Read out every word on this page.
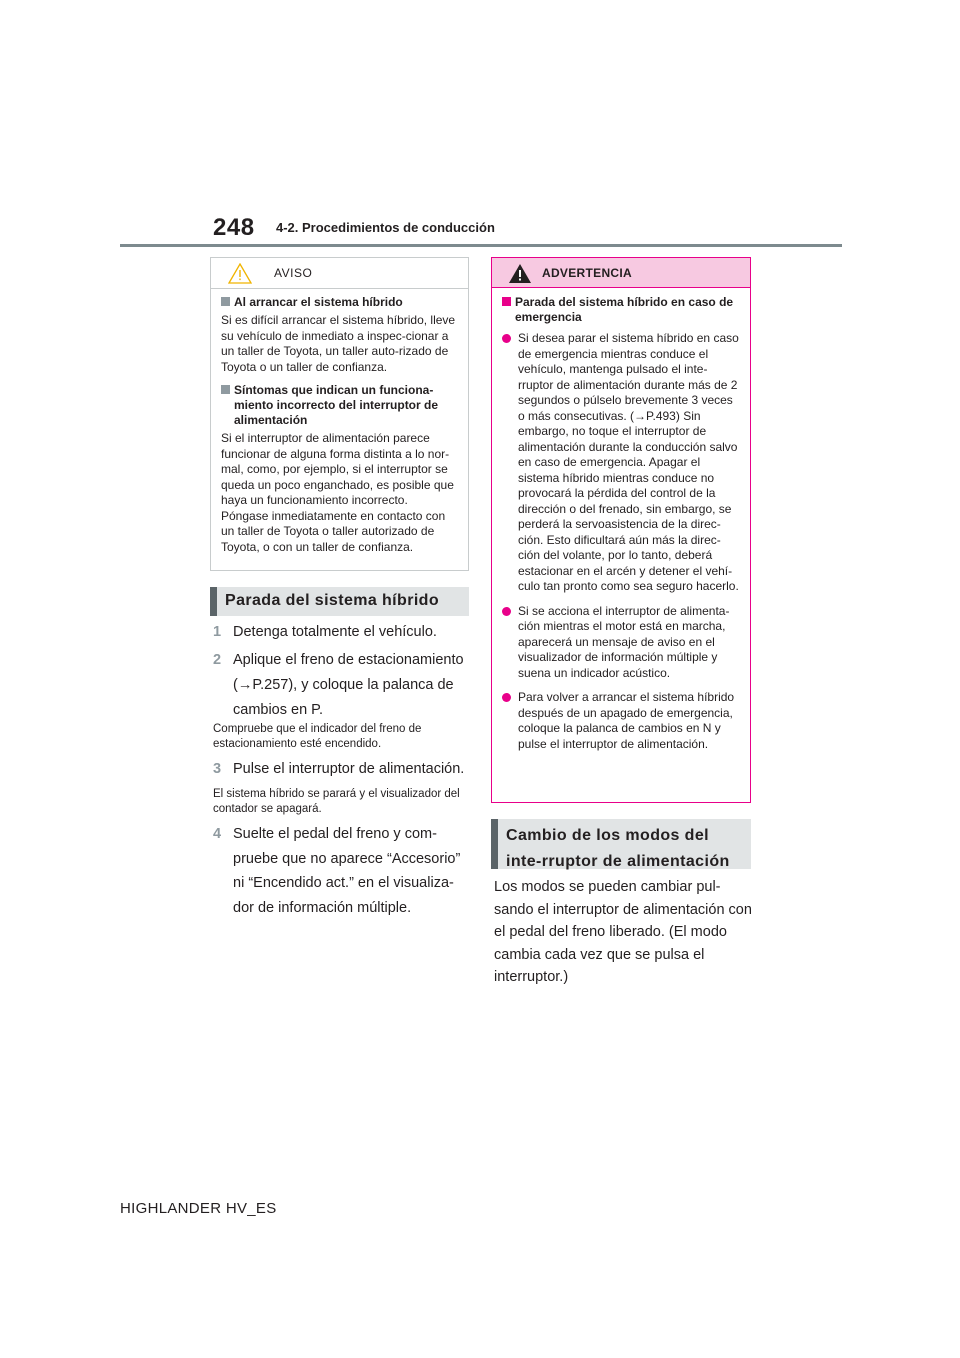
248 4-2. Procedimientos de conducción
AVISO
Al arrancar el sistema híbrido
Si es difícil arrancar el sistema híbrido, lleve su vehículo de inmediato a inspec-cionar a un taller de Toyota, un taller auto-rizado de Toyota o un taller de confianza.
Síntomas que indican un funciona-miento incorrecto del interruptor de alimentación
Si el interruptor de alimentación parece funcionar de alguna forma distinta a lo nor-mal, como, por ejemplo, si el interruptor se queda un poco enganchado, es posible que haya un funcionamiento incorrecto. Póngase inmediatamente en contacto con un taller de Toyota o taller autorizado de Toyota, o con un taller de confianza.
Parada del sistema híbrido
1 Detenga totalmente el vehículo.
2 Aplique el freno de estacionamiento (→P.257), y coloque la palanca de cambios en P.
Compruebe que el indicador del freno de estacionamiento esté encendido.
3 Pulse el interruptor de alimentación.
El sistema híbrido se parará y el visualizador del contador se apagará.
4 Suelte el pedal del freno y com-pruebe que no aparece “Accesorio” ni “Encendido act.” en el visualiza-dor de información múltiple.
ADVERTENCIA
Parada del sistema híbrido en caso de emergencia
Si desea parar el sistema híbrido en caso de emergencia mientras conduce el vehículo, mantenga pulsado el inte-rruptor de alimentación durante más de 2 segundos o púlselo brevemente 3 veces o más consecutivas. (→P.493) Sin embargo, no toque el interruptor de alimentación durante la conducción salvo en caso de emergencia. Apagar el sistema híbrido mientras conduce no provocará la pérdida del control de la dirección o del frenado, sin embargo, se perderá la servoasistencia de la direc-ción. Esto dificultará aún más la direc-ción del volante, por lo tanto, deberá estacionar en el arcén y detener el vehí-culo tan pronto como sea seguro hacerlo.
Si se acciona el interruptor de alimenta-ción mientras el motor está en marcha, aparecerá un mensaje de aviso en el visualizador de información múltiple y suena un indicador acústico.
Para volver a arrancar el sistema híbrido después de un apagado de emergencia, coloque la palanca de cambios en N y pulse el interruptor de alimentación.
Cambio de los modos del inte-rruptor de alimentación
Los modos se pueden cambiar pul-sando el interruptor de alimentación con el pedal del freno liberado. (El modo cambia cada vez que se pulsa el interruptor.)
HIGHLANDER HV_ES
